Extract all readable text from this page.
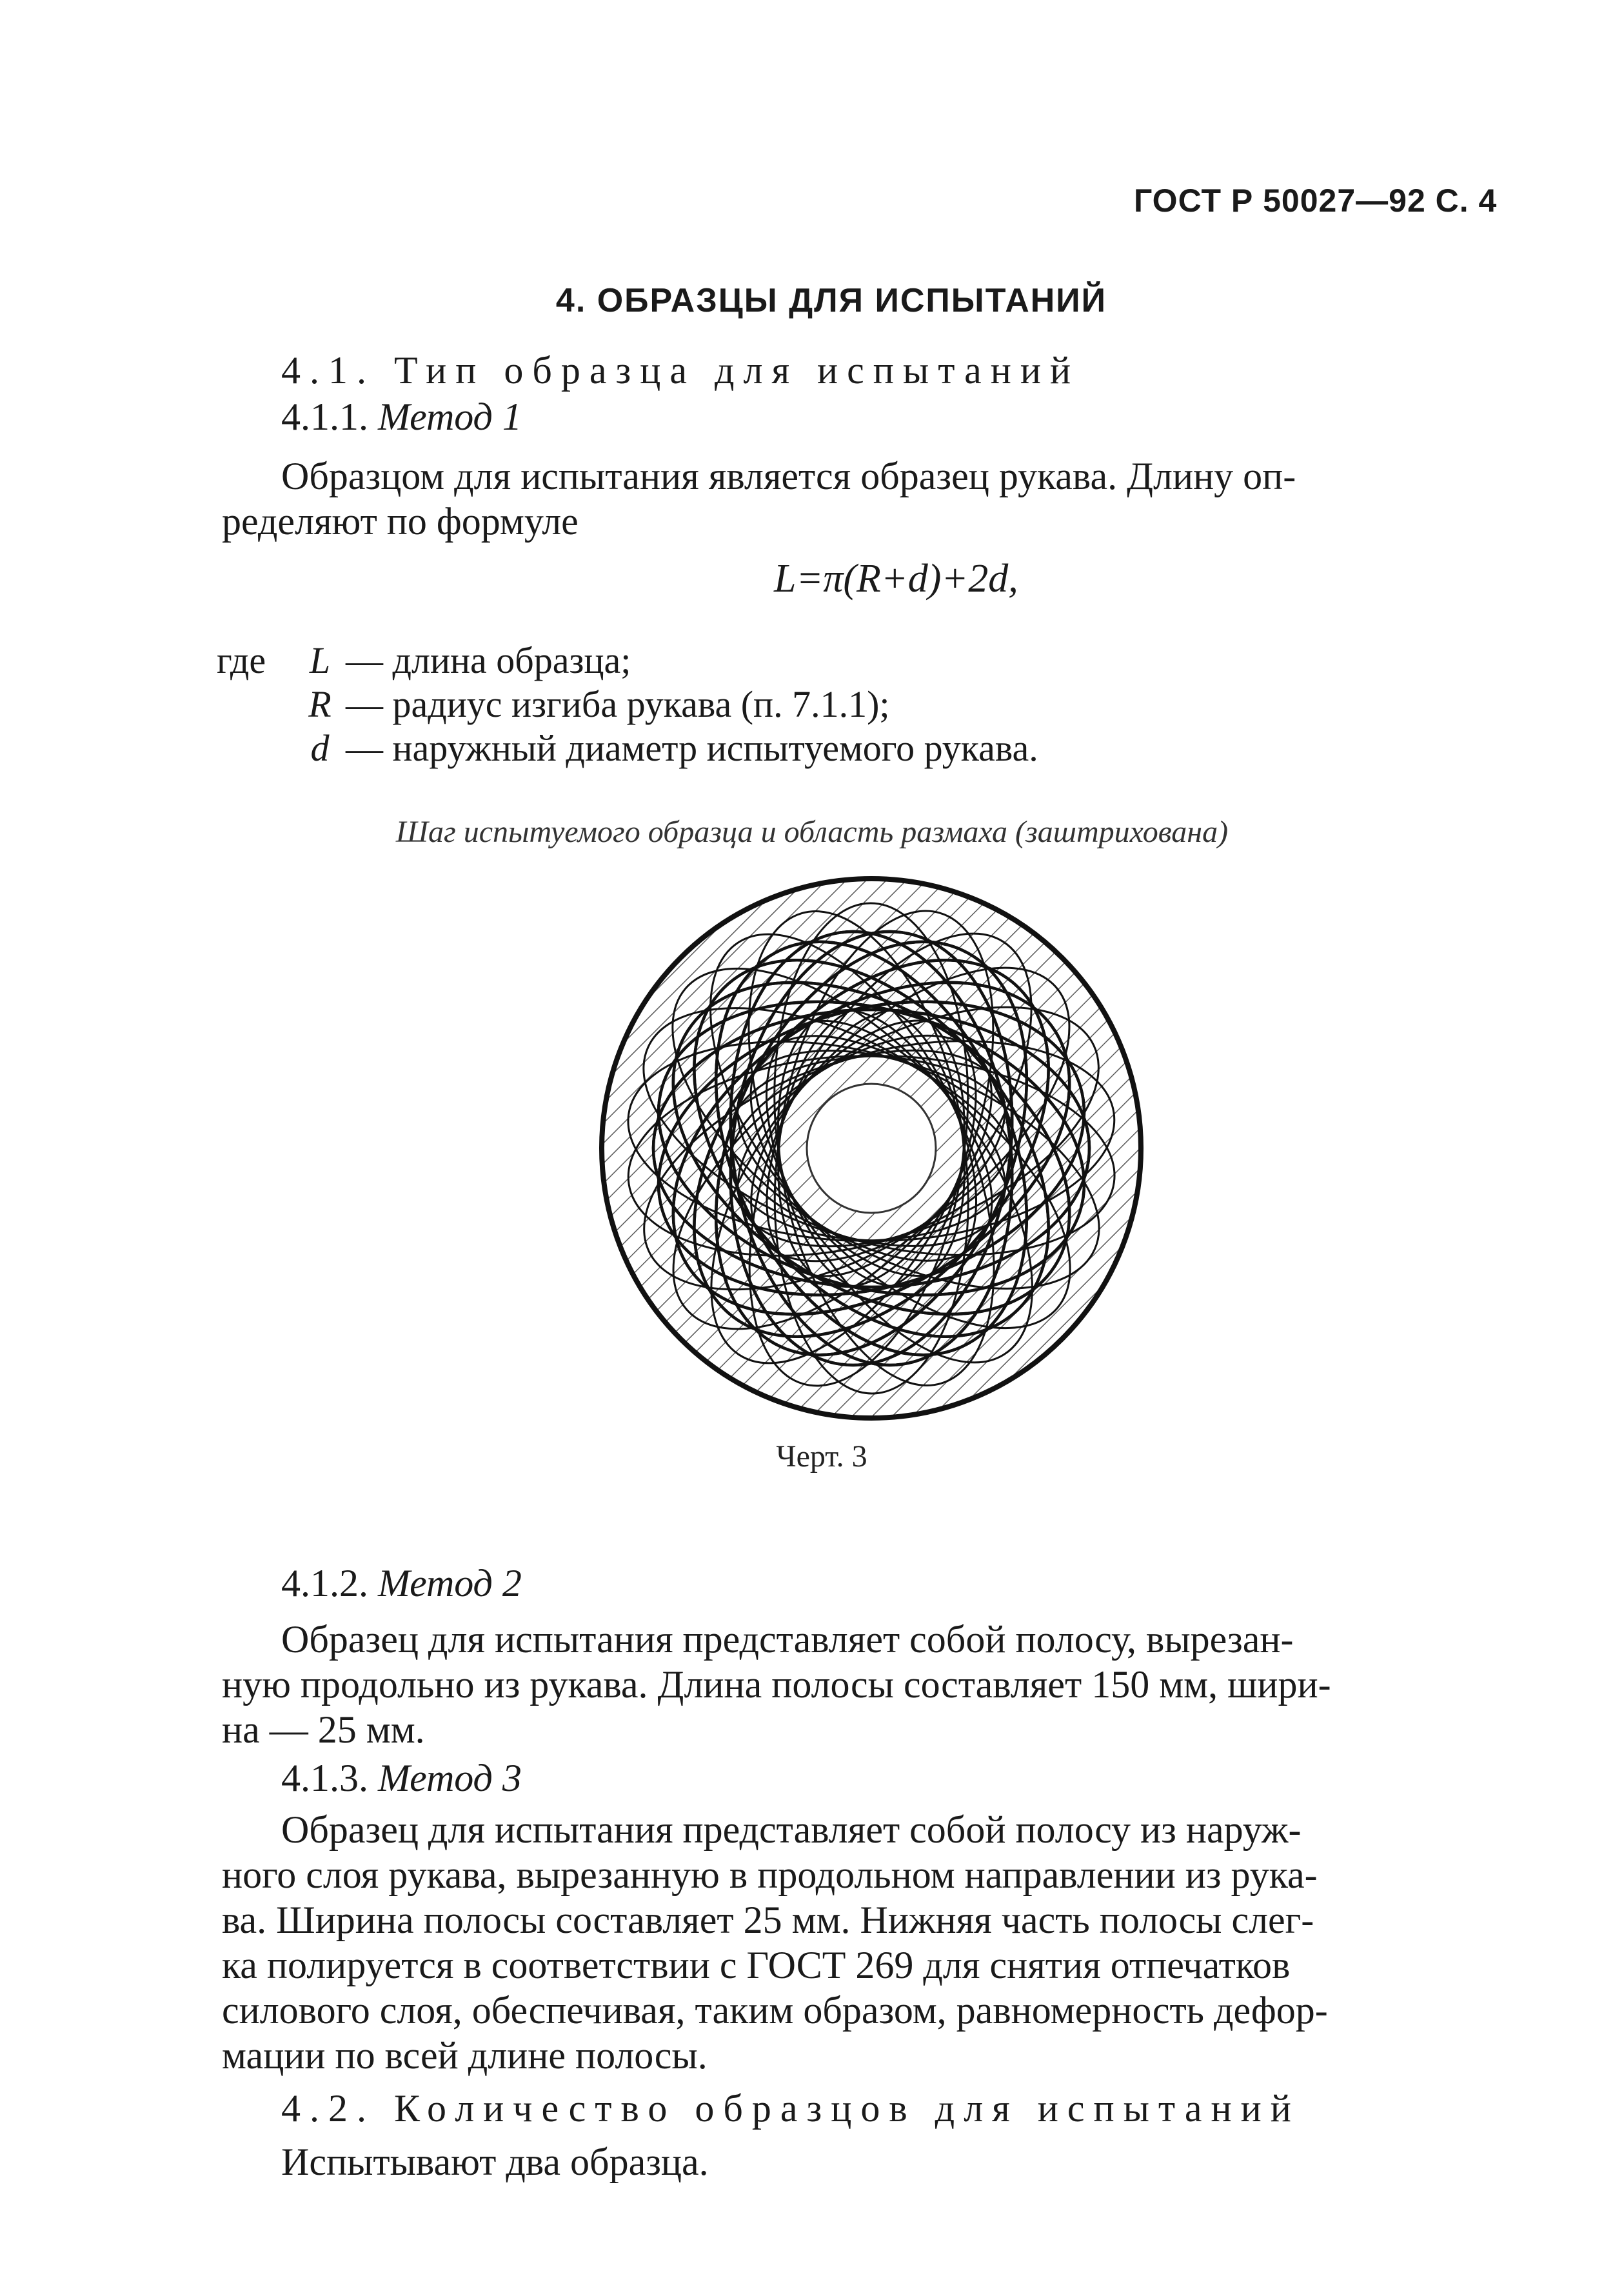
ГОСТ Р 50027—92 С. 4
4. ОБРАЗЦЫ ДЛЯ ИСПЫТАНИЙ
4.1. Тип образца для испытаний
4.1.1. Метод 1
Образцом для испытания является образец рукава. Длину оп-
ределяют по формуле
L=π(R+d)+2d,
где L — длина образца;
R — радиус изгиба рукава (п. 7.1.1);
d — наружный диаметр испытуемого рукава.
Шаг испытуемого образца и область размаха (заштрихована)
Черт. 3
4.1.2. Метод 2
Образец для испытания представляет собой полосу, вырезан-
ную продольно из рукава. Длина полосы составляет 150 мм, шири-
на — 25 мм.
4.1.3. Метод 3
Образец для испытания представляет собой полосу из наруж-
ного слоя рукава, вырезанную в продольном направлении из рука-
ва. Ширина полосы составляет 25 мм. Нижняя часть полосы слег-
ка полируется в соответствии с ГОСТ 269 для снятия отпечатков
силового слоя, обеспечивая, таким образом, равномерность дефор-
мации по всей длине полосы.
4.2. Количество образцов для испытаний
Испытывают два образца.
